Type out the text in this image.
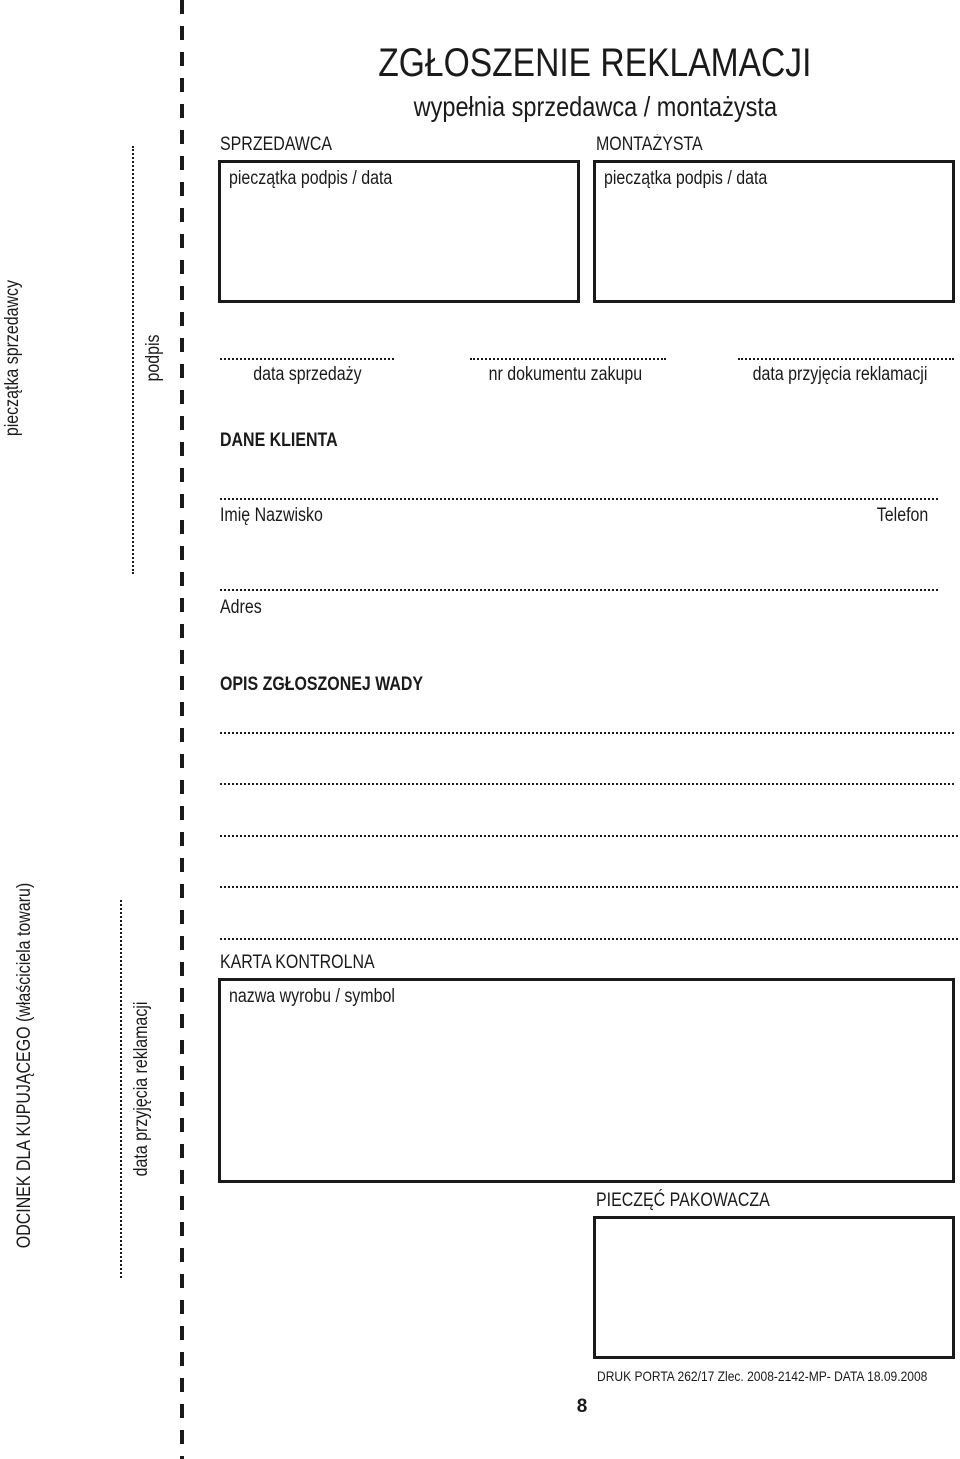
pieczątka sprzedawcy	podpis
ODCINEK DLA KUPUJĄCEGO (właściciela towaru)	data przyjęcia reklamacji
ZGŁOSZENIE REKLAMACJI
wypełnia sprzedawca / montażysta
SPRZEDAWCA
pieczątka podpis / data
MONTAŻYSTA
pieczątka podpis / data
data sprzedaży	nr dokumentu zakupu	data przyjęcia reklamacji
DANE KLIENTA
Imię Nazwisko	Telefon
Adres
OPIS ZGŁOSZONEJ WADY
KARTA KONTROLNA
nazwa wyrobu / symbol
PIECZĘĆ PAKOWACZA
DRUK PORTA 262/17 Zlec. 2008-2142-MP- DATA 18.09.2008
8
